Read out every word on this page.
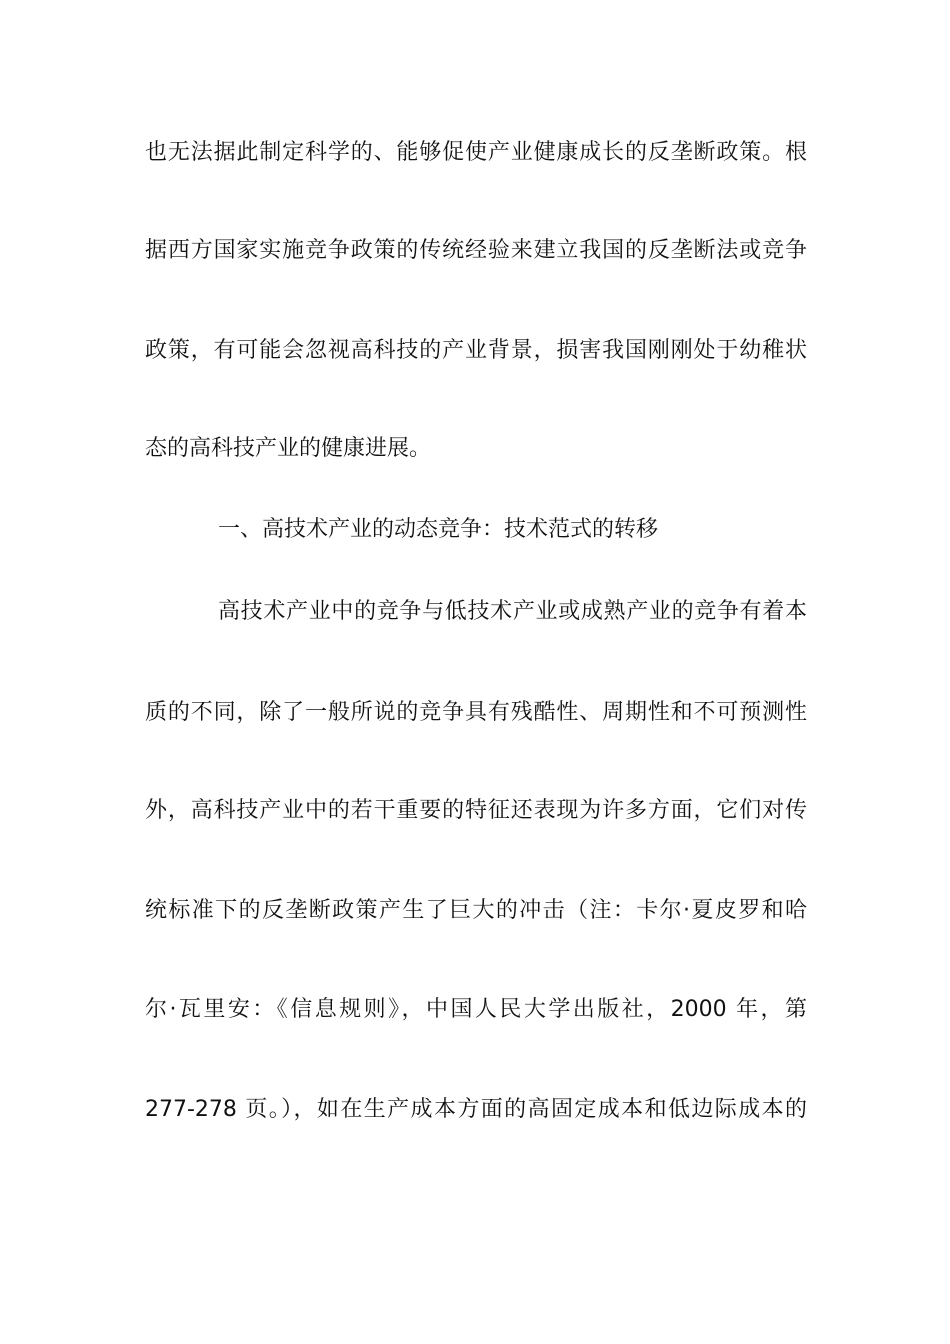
也无法据此制定科学的、能够促使产业健康成长的反垄断政策。根
据西方国家实施竞争政策的传统经验来建立我国的反垄断法或竞争
政策，有可能会忽视高科技的产业背景，损害我国刚刚处于幼稚状
态的高科技产业的健康进展。
一、高技术产业的动态竞争：技术范式的转移
高技术产业中的竞争与低技术产业或成熟产业的竞争有着本
质的不同，除了一般所说的竞争具有残酷性、周期性和不可预测性
外，高科技产业中的若干重要的特征还表现为许多方面，它们对传
统标准下的反垄断政策产生了巨大的冲击（注：卡尔·夏皮罗和哈
尔·瓦里安：《信息规则》，中国人民大学出版社，2000 年，第
277-278 页。），如在生产成本方面的高固定成本和低边际成本的
